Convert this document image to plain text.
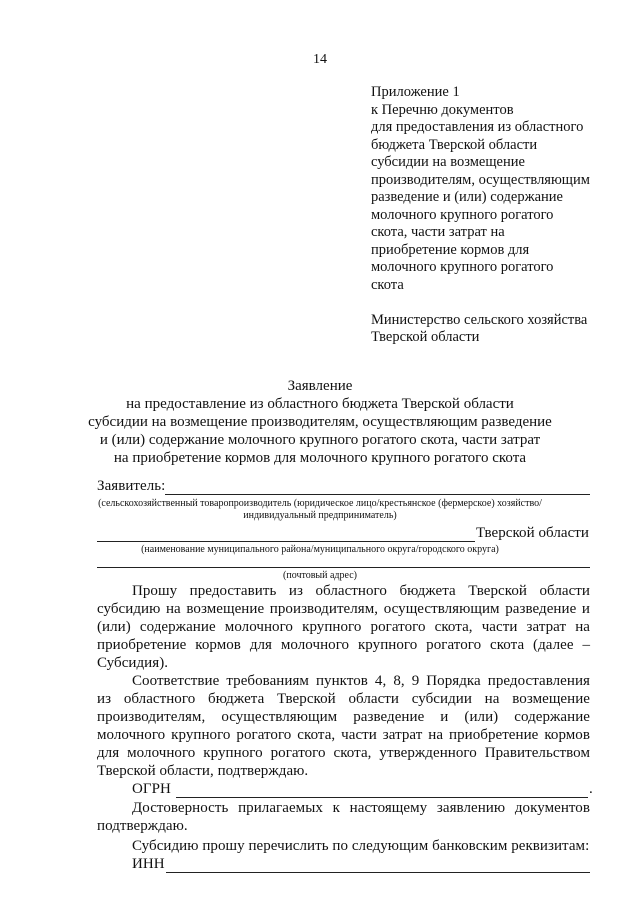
14
Приложение 1
к Перечню документов
для предоставления из областного
бюджета Тверской области
субсидии на возмещение
производителям, осуществляющим
разведение и (или) содержание
молочного крупного рогатого
скота, части затрат на
приобретение кормов для
молочного крупного рогатого
скота
Министерство сельского хозяйства
Тверской области
Заявление
на предоставление из областного бюджета Тверской области
субсидии на возмещение производителям, осуществляющим разведение
и (или) содержание молочного крупного рогатого скота, части затрат
на приобретение кормов для молочного крупного рогатого скота
Заявитель:
(сельскохозяйственный товаропроизводитель (юридическое лицо/крестьянское (фермерское) хозяйство/
индивидуальный предприниматель)
Тверской области
(наименование муниципального района/муниципального округа/городского округа)
(почтовый адрес)
Прошу предоставить из областного бюджета Тверской области
субсидию на возмещение производителям, осуществляющим разведение и
(или) содержание молочного крупного рогатого скота, части затрат на
приобретение кормов для молочного крупного рогатого скота (далее –
Субсидия).
Соответствие требованиям пунктов 4, 8, 9 Порядка предоставления
из областного бюджета Тверской области субсидии на возмещение
производителям, осуществляющим разведение и (или) содержание
молочного крупного рогатого скота, части затрат на приобретение кормов
для молочного крупного рогатого скота, утвержденного Правительством
Тверской области, подтверждаю.
ОГРН	.
Достоверность прилагаемых к настоящему заявлению документов
подтверждаю.
Субсидию прошу перечислить по следующим банковским реквизитам:
ИНН
